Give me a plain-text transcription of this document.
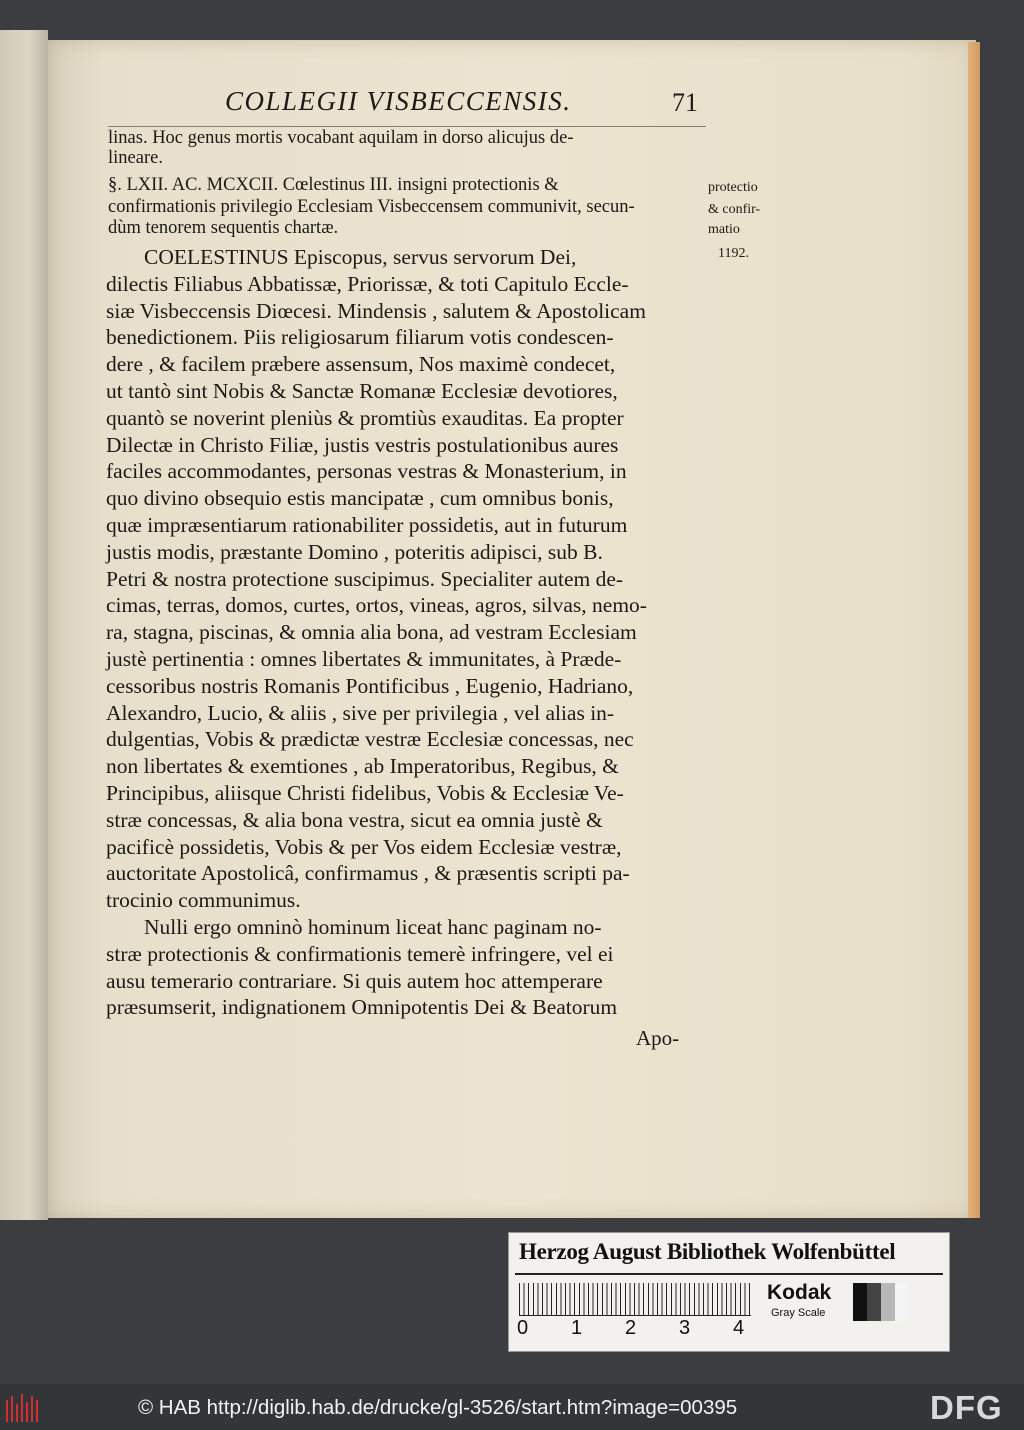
COLLEGII VISBECCENSIS.	71
linas. Hoc genus mortis vocabant aquilam in dorso alicujus de-
lineare.
§. LXII. AC. MCXCII. Cœlestinus III. insigni protectionis &
confirmationis privilegio Ecclesiam Visbeccensem communivit, secun-
dùm tenorem sequentis chartæ.
protectio
& confir-
matio
1192.
COELESTINUS Episcopus, servus servorum Dei,
dilectis Filiabus Abbatissæ, Priorissæ, & toti Capitulo Eccle-
siæ Visbeccensis Diœcesi. Mindensis , salutem & Apostolicam
benedictionem. Piis religiosarum filiarum votis condescen-
dere , & facilem præbere assensum, Nos maximè condecet,
ut tantò sint Nobis & Sanctæ Romanæ Ecclesiæ devotiores,
quantò se noverint pleniùs & promtiùs exauditas. Ea propter
Dilectæ in Christo Filiæ, justis vestris postulationibus aures
faciles accommodantes, personas vestras & Monasterium, in
quo divino obsequio estis mancipatæ , cum omnibus bonis,
quæ impræsentiarum rationabiliter possidetis, aut in futurum
justis modis, præstante Domino , poteritis adipisci, sub B.
Petri & nostra protectione suscipimus. Specialiter autem de-
cimas, terras, domos, curtes, ortos, vineas, agros, silvas, nemo-
ra, stagna, piscinas, & omnia alia bona, ad vestram Ecclesiam
justè pertinentia : omnes libertates & immunitates, à Præde-
cessoribus nostris Romanis Pontificibus , Eugenio, Hadriano,
Alexandro, Lucio, & aliis , sive per privilegia , vel alias in-
dulgentias, Vobis & prædictæ vestræ Ecclesiæ concessas, nec
non libertates & exemtiones , ab Imperatoribus, Regibus, &
Principibus, aliisque Christi fidelibus, Vobis & Ecclesiæ Ve-
stræ concessas, & alia bona vestra, sicut ea omnia justè &
pacificè possidetis, Vobis & per Vos eidem Ecclesiæ vestræ,
auctoritate Apostolicâ, confirmamus , & præsentis scripti pa-
trocinio communimus.
Nulli ergo omninò hominum liceat hanc paginam no-
stræ protectionis & confirmationis temerè infringere, vel ei
ausu temerario contrariare. Si quis autem hoc attemperare
præsumserit, indignationem Omnipotentis Dei & Beatorum
Apo-
Herzog August Bibliothek Wolfenbüttel
0 1 2 3 4
Kodak
Gray Scale
© HAB http://diglib.hab.de/drucke/gl-3526/start.htm?image=00395	DFG
